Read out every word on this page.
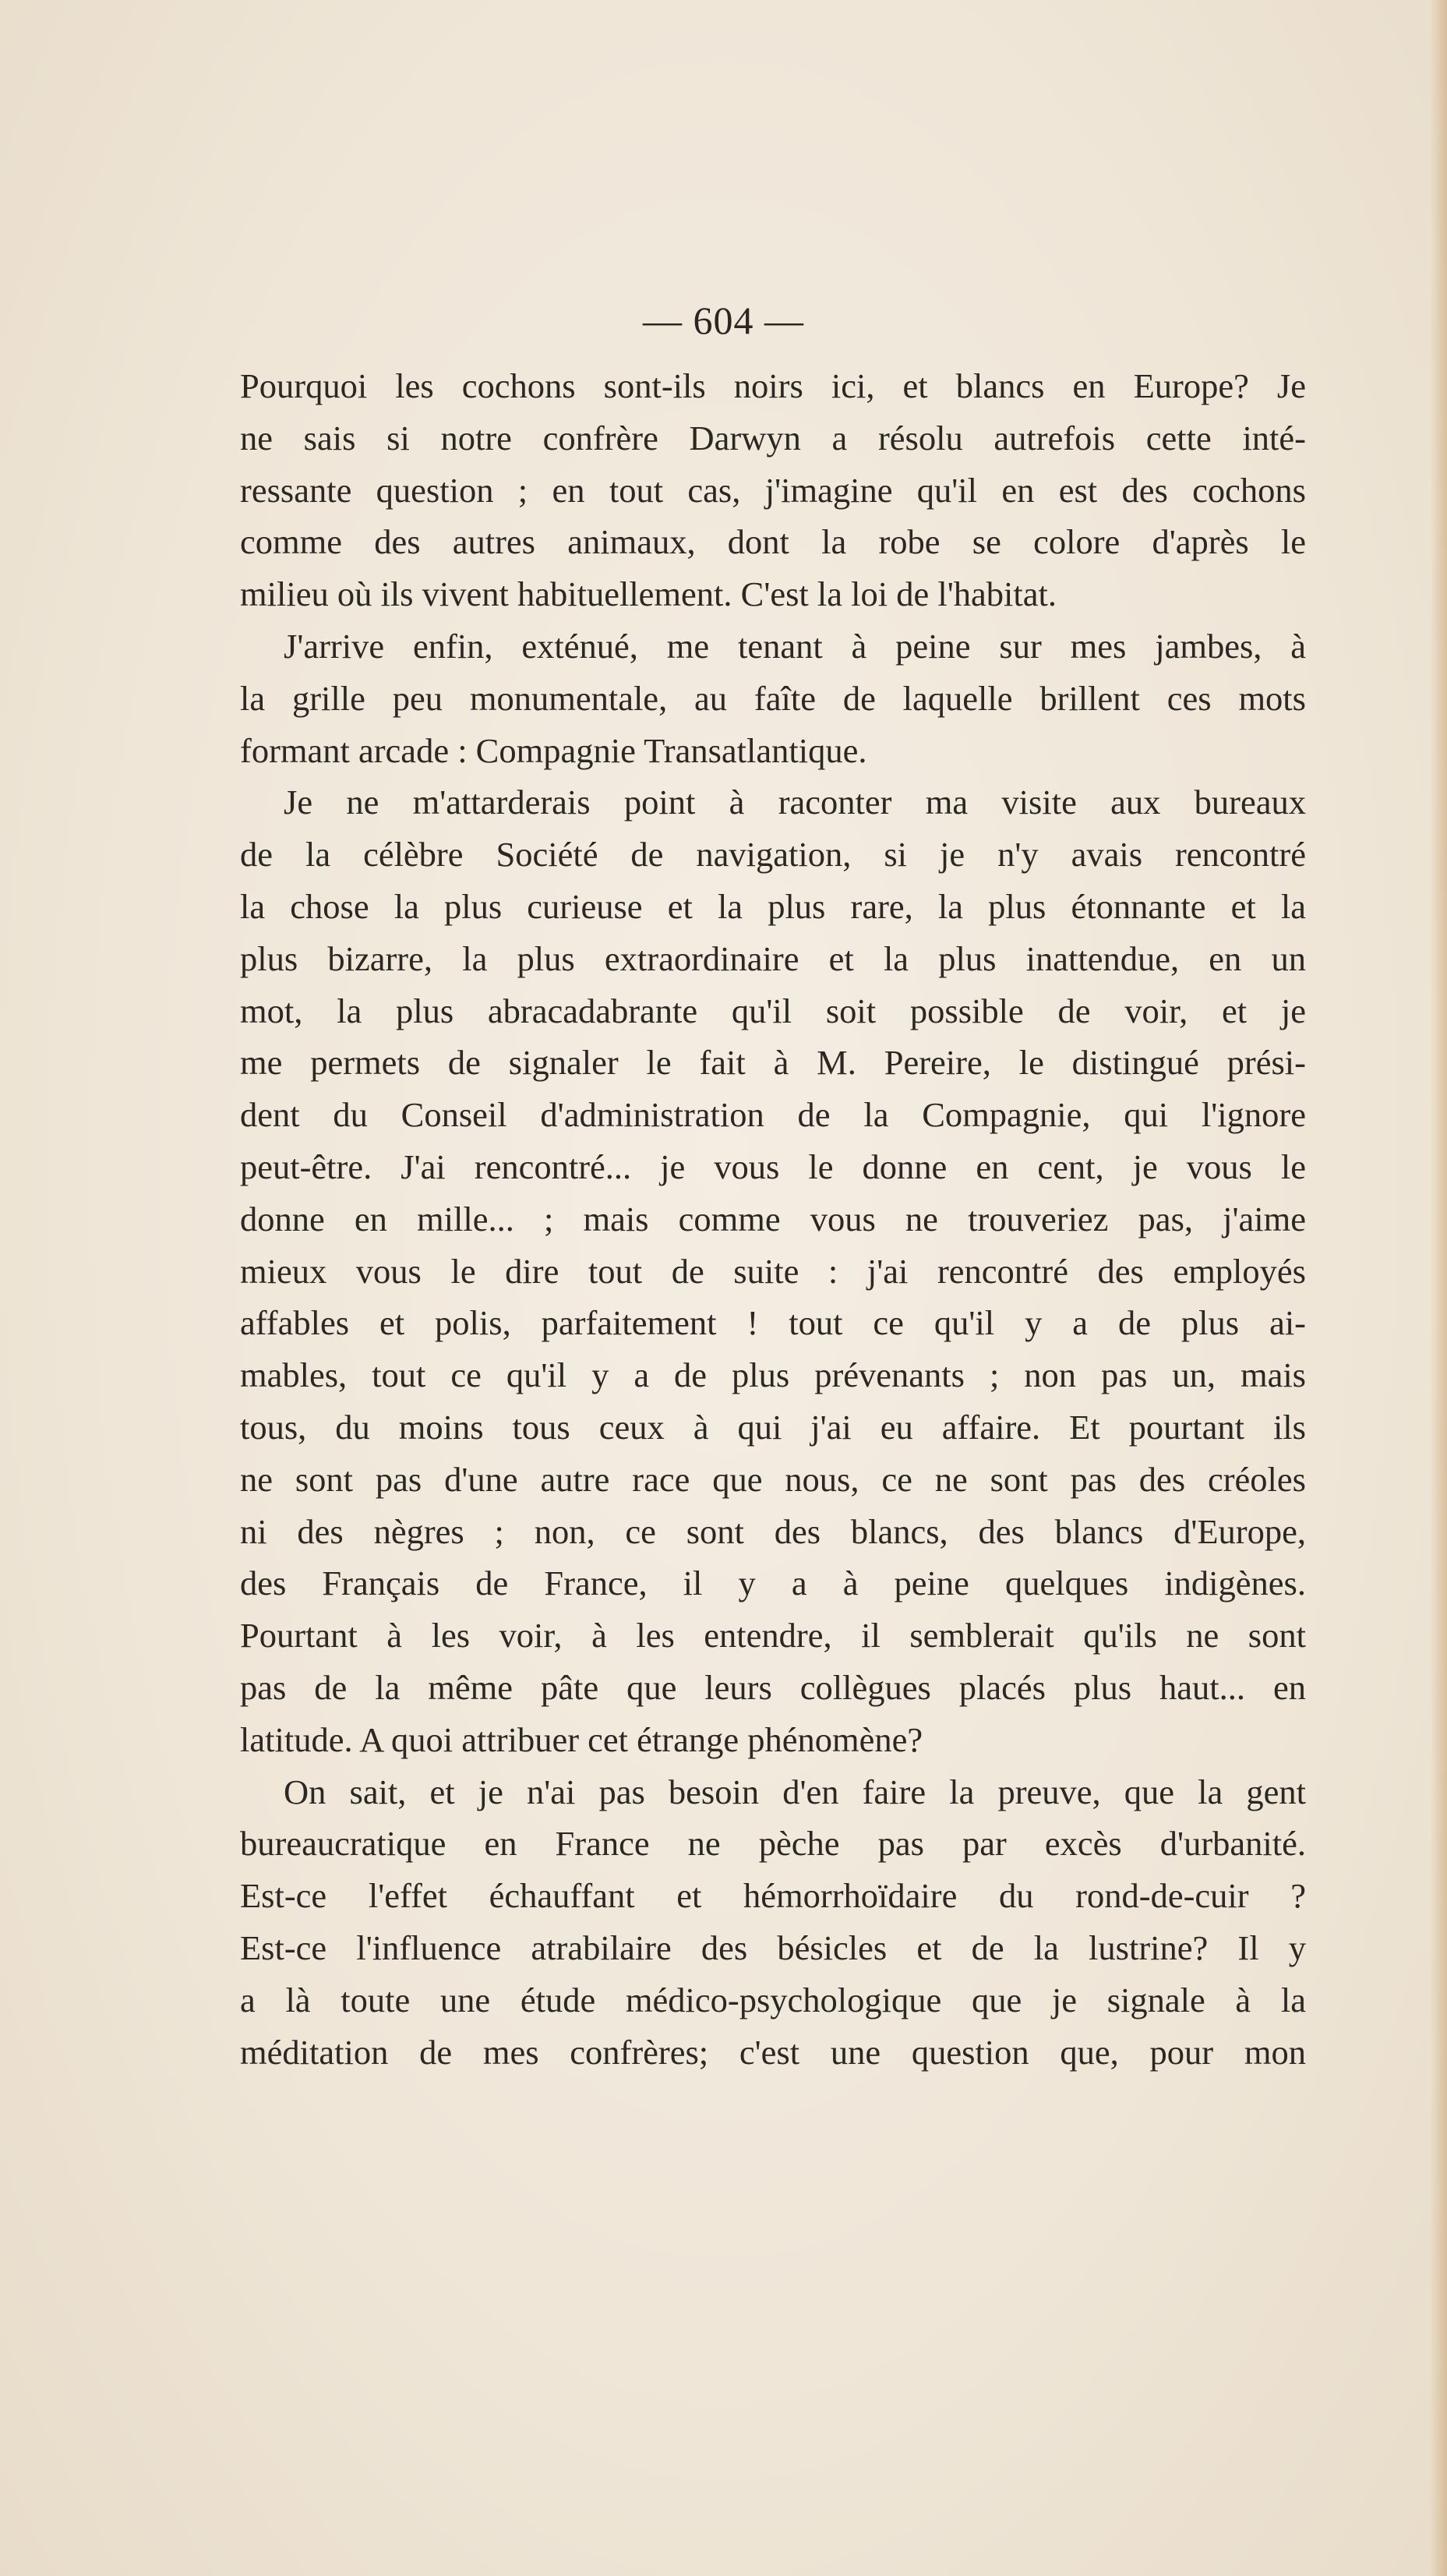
— 604 —
Pourquoi les cochons sont-ils noirs ici, et blancs en Europe? Je
ne sais si notre confrère Darwyn a résolu autrefois cette inté-
ressante question ; en tout cas, j'imagine qu'il en est des cochons
comme des autres animaux, dont la robe se colore d'après le
milieu où ils vivent habituellement. C'est la loi de l'habitat.
J'arrive enfin, exténué, me tenant à peine sur mes jambes, à
la grille peu monumentale, au faîte de laquelle brillent ces mots
formant arcade : Compagnie Transatlantique.
Je ne m'attarderais point à raconter ma visite aux bureaux
de la célèbre Société de navigation, si je n'y avais rencontré
la chose la plus curieuse et la plus rare, la plus étonnante et la
plus bizarre, la plus extraordinaire et la plus inattendue, en un
mot, la plus abracadabrante qu'il soit possible de voir, et je
me permets de signaler le fait à M. Pereire, le distingué prési-
dent du Conseil d'administration de la Compagnie, qui l'ignore
peut-être. J'ai rencontré... je vous le donne en cent, je vous le
donne en mille... ; mais comme vous ne trouveriez pas, j'aime
mieux vous le dire tout de suite : j'ai rencontré des employés
affables et polis, parfaitement ! tout ce qu'il y a de plus ai-
mables, tout ce qu'il y a de plus prévenants ; non pas un, mais
tous, du moins tous ceux à qui j'ai eu affaire. Et pourtant ils
ne sont pas d'une autre race que nous, ce ne sont pas des créoles
ni des nègres ; non, ce sont des blancs, des blancs d'Europe,
des Français de France, il y a à peine quelques indigènes.
Pourtant à les voir, à les entendre, il semblerait qu'ils ne sont
pas de la même pâte que leurs collègues placés plus haut... en
latitude. A quoi attribuer cet étrange phénomène?
On sait, et je n'ai pas besoin d'en faire la preuve, que la gent
bureaucratique en France ne pèche pas par excès d'urbanité.
Est-ce l'effet échauffant et hémorrhoïdaire du rond-de-cuir ?
Est-ce l'influence atrabilaire des bésicles et de la lustrine? Il y
a là toute une étude médico-psychologique que je signale à la
méditation de mes confrères; c'est une question que, pour mon
